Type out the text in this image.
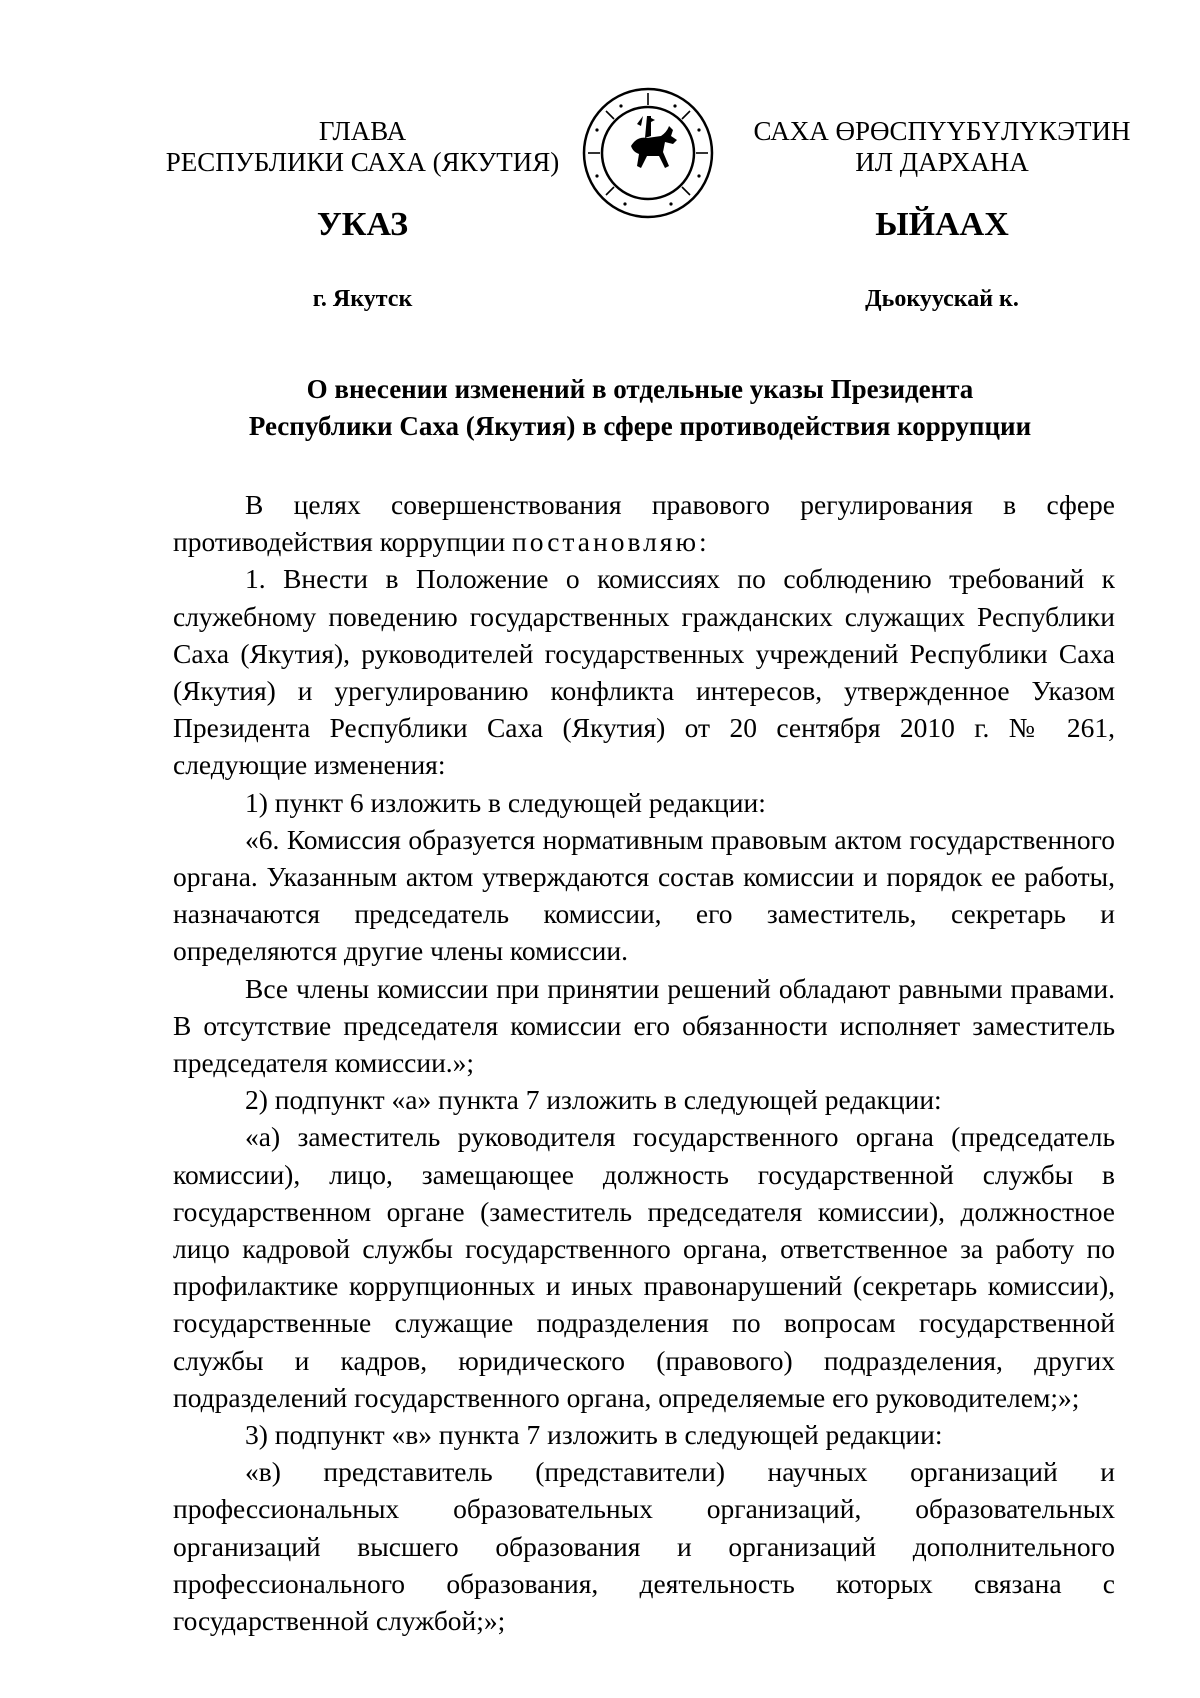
ГЛАВА
РЕСПУБЛИКИ САХА (ЯКУТИЯ)
САХА ӨРӨСПҮҮБҮЛҮКЭТИН
ИЛ ДАРХАНА
УКАЗ	ЫЙААХ
г. Якутск	Дьокуускай к.
О внесении изменений в отдельные указы Президента
Республики Саха (Якутия) в сфере противодействия коррупции

В целях совершенствования правового регулирования в сфере противодействия коррупции постановляю:

1. Внести в Положение о комиссиях по соблюдению требований к служебному поведению государственных гражданских служащих Республики Саха (Якутия), руководителей государственных учреждений Республики Саха (Якутия) и урегулированию конфликта интересов, утвержденное Указом Президента Республики Саха (Якутия) от 20 сентября 2010 г. № 261, следующие изменения:

1) пункт 6 изложить в следующей редакции:

«6. Комиссия образуется нормативным правовым актом государственного органа. Указанным актом утверждаются состав комиссии и порядок ее работы, назначаются председатель комиссии, его заместитель, секретарь и определяются другие члены комиссии.

Все члены комиссии при принятии решений обладают равными правами. В отсутствие председателя комиссии его обязанности исполняет заместитель председателя комиссии.»;

2) подпункт «а» пункта 7 изложить в следующей редакции:

«а) заместитель руководителя государственного органа (председатель комиссии), лицо, замещающее должность государственной службы в государственном органе (заместитель председателя комиссии), должностное лицо кадровой службы государственного органа, ответственное за работу по профилактике коррупционных и иных правонарушений (секретарь комиссии), государственные служащие подразделения по вопросам государственной службы и кадров, юридического (правового) подразделения, других подразделений государственного органа, определяемые его руководителем;»;

3) подпункт «в» пункта 7 изложить в следующей редакции:

«в) представитель (представители) научных организаций и профессиональных образовательных организаций, образовательных организаций высшего образования и организаций дополнительного профессионального образования, деятельность которых связана с государственной службой;»;
